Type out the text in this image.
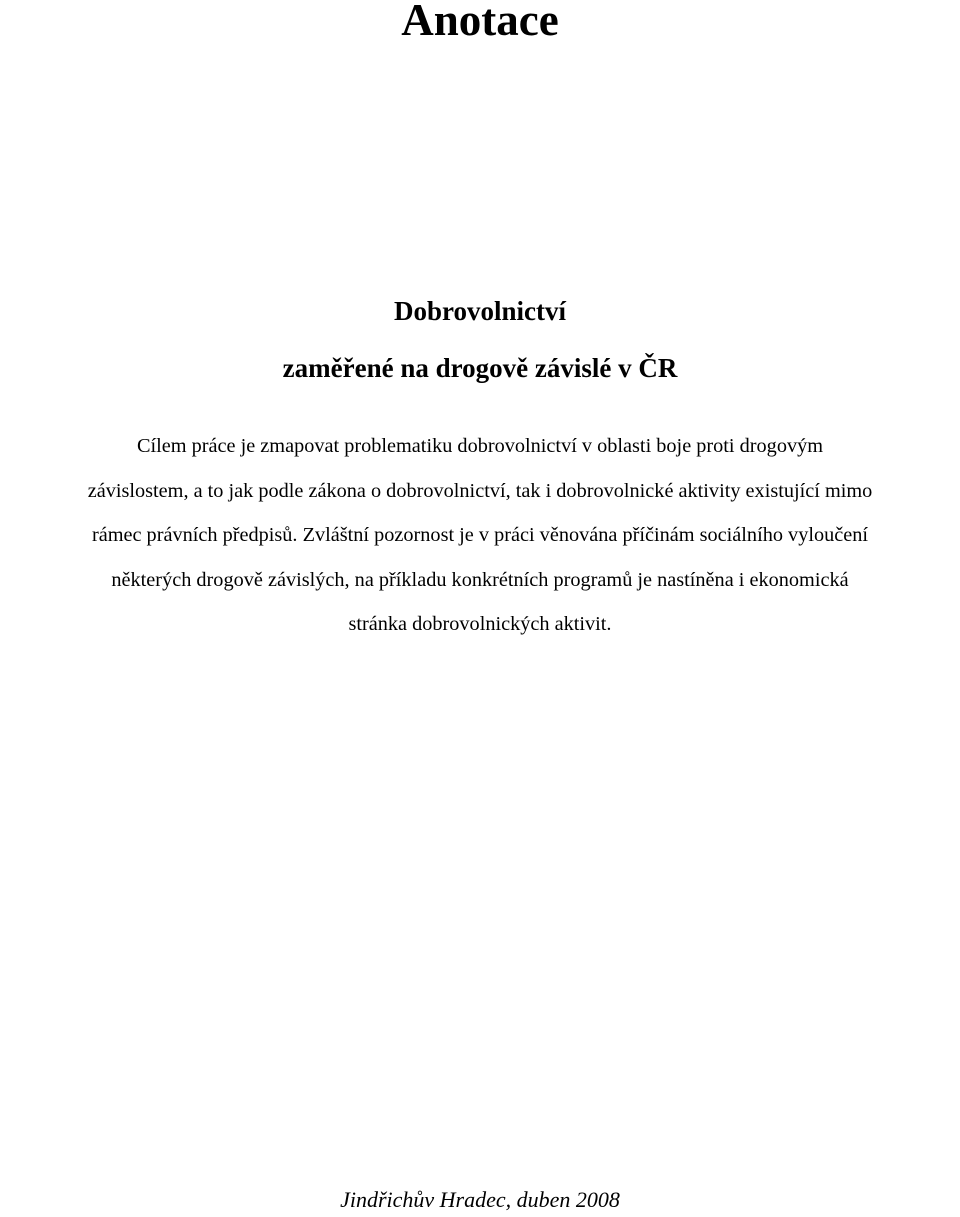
Anotace
Dobrovolnictví
zaměřené na drogově závislé v ČR

Cílem práce je zmapovat problematiku dobrovolnictví v oblasti boje proti drogovým
závislostem, a to jak podle zákona o dobrovolnictví, tak i dobrovolnické aktivity existující mimo
rámec právních předpisů. Zvláštní pozornost je v práci věnována příčinám sociálního vyloučení
některých drogově závislých, na příkladu konkrétních programů je nastíněna i ekonomická
stránka dobrovolnických aktivit.

Jindřichův Hradec, duben 2008
